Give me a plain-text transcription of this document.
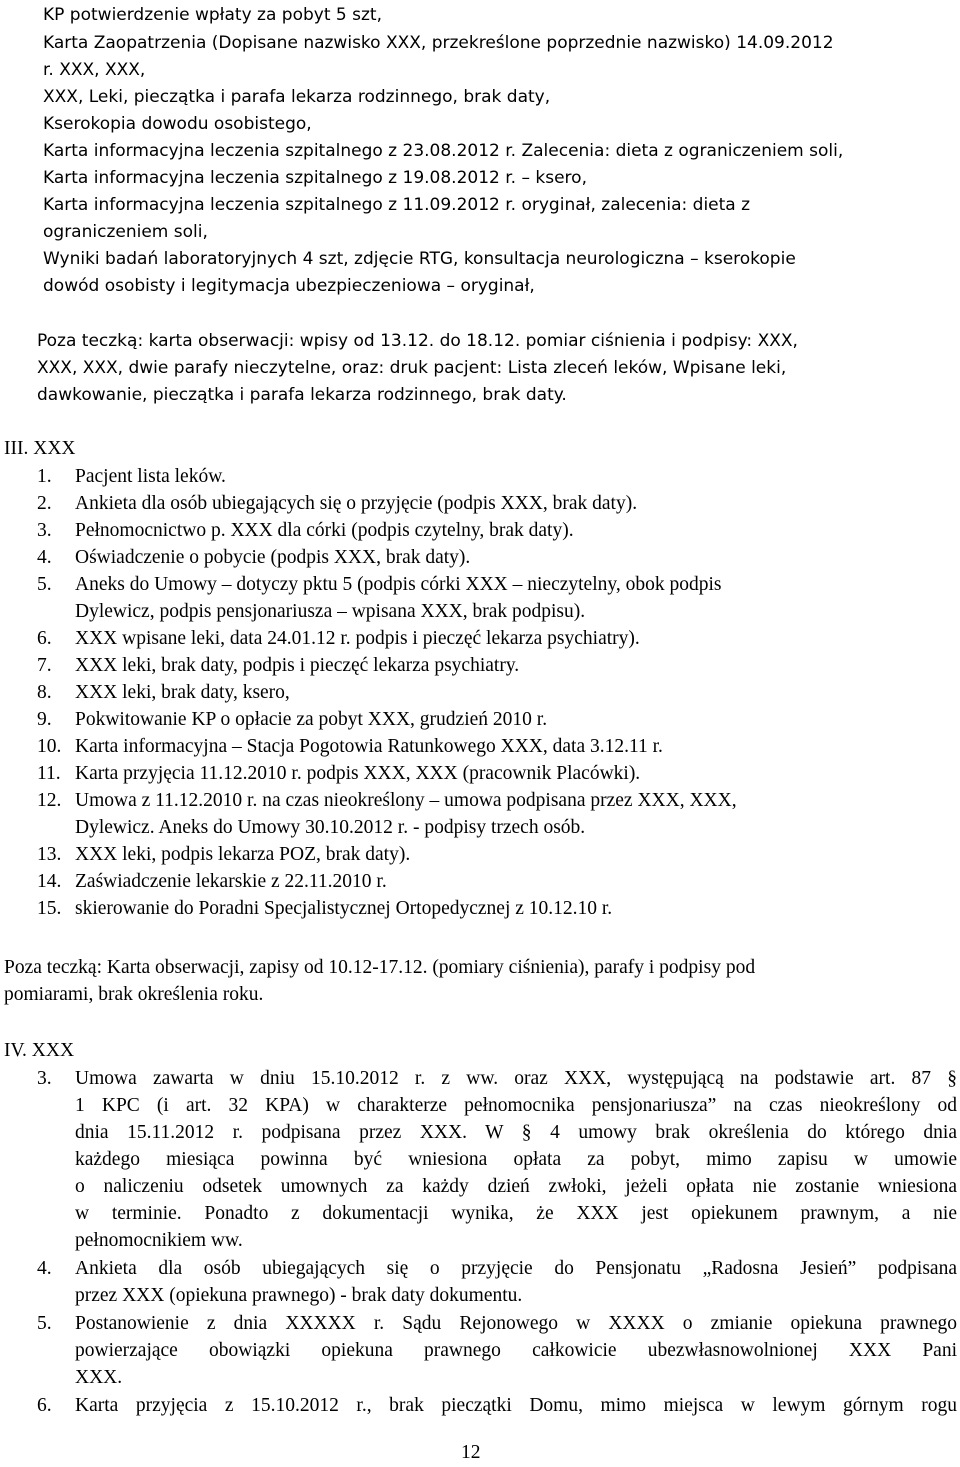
KP potwierdzenie wpłaty za pobyt 5 szt,
Karta Zaopatrzenia (Dopisane nazwisko XXX, przekreślone poprzednie nazwisko) 14.09.2012
r. XXX, XXX,
XXX, Leki, pieczątka i parafa lekarza rodzinnego, brak daty,
Kserokopia dowodu osobistego,
Karta informacyjna leczenia szpitalnego z 23.08.2012 r. Zalecenia: dieta z ograniczeniem soli,
Karta informacyjna leczenia szpitalnego z 19.08.2012 r. – ksero,
Karta informacyjna leczenia szpitalnego z 11.09.2012 r. oryginał, zalecenia: dieta z
ograniczeniem soli,
Wyniki badań laboratoryjnych 4 szt, zdjęcie RTG, konsultacja neurologiczna – kserokopie
dowód osobisty i legitymacja ubezpieczeniowa – oryginał,
Poza teczką: karta obserwacji: wpisy od 13.12. do 18.12. pomiar ciśnienia i podpisy: XXX,
XXX, XXX, dwie parafy nieczytelne, oraz: druk pacjent: Lista zleceń leków, Wpisane leki,
dawkowanie, pieczątka i parafa lekarza rodzinnego, brak daty.
III. XXX
1. Pacjent lista leków.
2. Ankieta dla osób ubiegających się o przyjęcie (podpis XXX, brak daty).
3. Pełnomocnictwo p. XXX dla córki (podpis czytelny, brak daty).
4. Oświadczenie o pobycie (podpis XXX, brak daty).
5. Aneks do Umowy – dotyczy pktu 5 (podpis córki XXX – nieczytelny, obok podpis
Dylewicz, podpis pensjonariusza – wpisana XXX, brak podpisu).
6. XXX wpisane leki, data 24.01.12 r. podpis i pieczęć lekarza psychiatry).
7. XXX leki, brak daty, podpis i pieczęć lekarza psychiatry.
8. XXX leki, brak daty, ksero,
9. Pokwitowanie KP o opłacie za pobyt XXX, grudzień 2010 r.
10. Karta informacyjna – Stacja Pogotowia Ratunkowego XXX, data 3.12.11 r.
11. Karta przyjęcia 11.12.2010 r. podpis XXX, XXX (pracownik Placówki).
12. Umowa z 11.12.2010 r. na czas nieokreślony – umowa podpisana przez XXX, XXX,
Dylewicz. Aneks do Umowy 30.10.2012 r. - podpisy trzech osób.
13. XXX leki, podpis lekarza POZ, brak daty).
14. Zaświadczenie lekarskie z 22.11.2010 r.
15. skierowanie do Poradni Specjalistycznej Ortopedycznej z 10.12.10 r.
Poza teczką: Karta obserwacji, zapisy od 10.12-17.12. (pomiary ciśnienia), parafy i podpisy pod
pomiarami, brak określenia roku.
IV. XXX
3. Umowa zawarta w dniu 15.10.2012 r. z ww. oraz XXX, występującą na podstawie art. 87 §
1 KPC (i art. 32 KPA) w charakterze pełnomocnika pensjonariusza” na czas nieokreślony od
dnia 15.11.2012 r. podpisana przez XXX. W § 4 umowy brak określenia do którego dnia
każdego miesiąca powinna być wniesiona opłata za pobyt, mimo zapisu w umowie
o naliczeniu odsetek umownych za każdy dzień zwłoki, jeżeli opłata nie zostanie wniesiona
w terminie. Ponadto z dokumentacji wynika, że XXX jest opiekunem prawnym, a nie
pełnomocnikiem ww.
4. Ankieta dla osób ubiegających się o przyjęcie do Pensjonatu „Radosna Jesień” podpisana
przez XXX (opiekuna prawnego) - brak daty dokumentu.
5. Postanowienie z dnia XXXXX r. Sądu Rejonowego w XXXX o zmianie opiekuna prawnego
powierzające obowiązki opiekuna prawnego całkowicie ubezwłasnowolnionej XXX Pani
XXX.
6. Karta przyjęcia z 15.10.2012 r., brak pieczątki Domu, mimo miejsca w lewym górnym rogu
12
